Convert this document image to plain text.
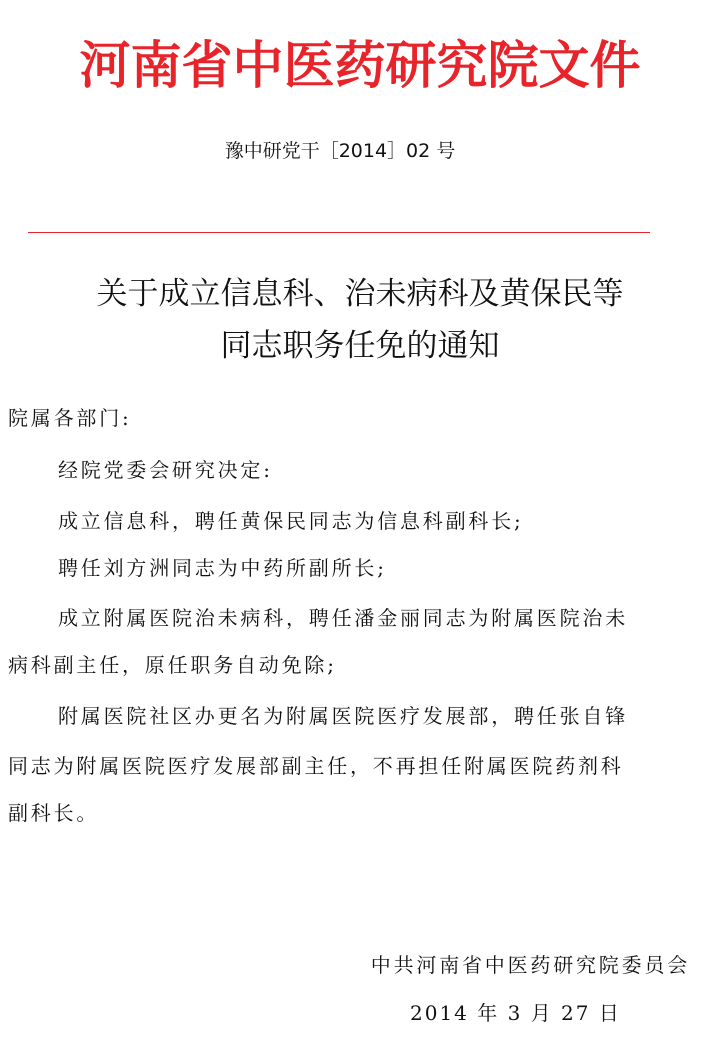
河南省中医药研究院文件
豫中研党干［2014］02 号
关于成立信息科、治未病科及黄保民等
同志职务任免的通知
院属各部门:
经院党委会研究决定:
成立信息科，聘任黄保民同志为信息科副科长;
聘任刘方洲同志为中药所副所长;
成立附属医院治未病科，聘任潘金丽同志为附属医院治未
病科副主任，原任职务自动免除;
附属医院社区办更名为附属医院医疗发展部，聘任张自锋
同志为附属医院医疗发展部副主任，不再担任附属医院药剂科
副科长。
中共河南省中医药研究院委员会
2014 年 3 月 27 日
